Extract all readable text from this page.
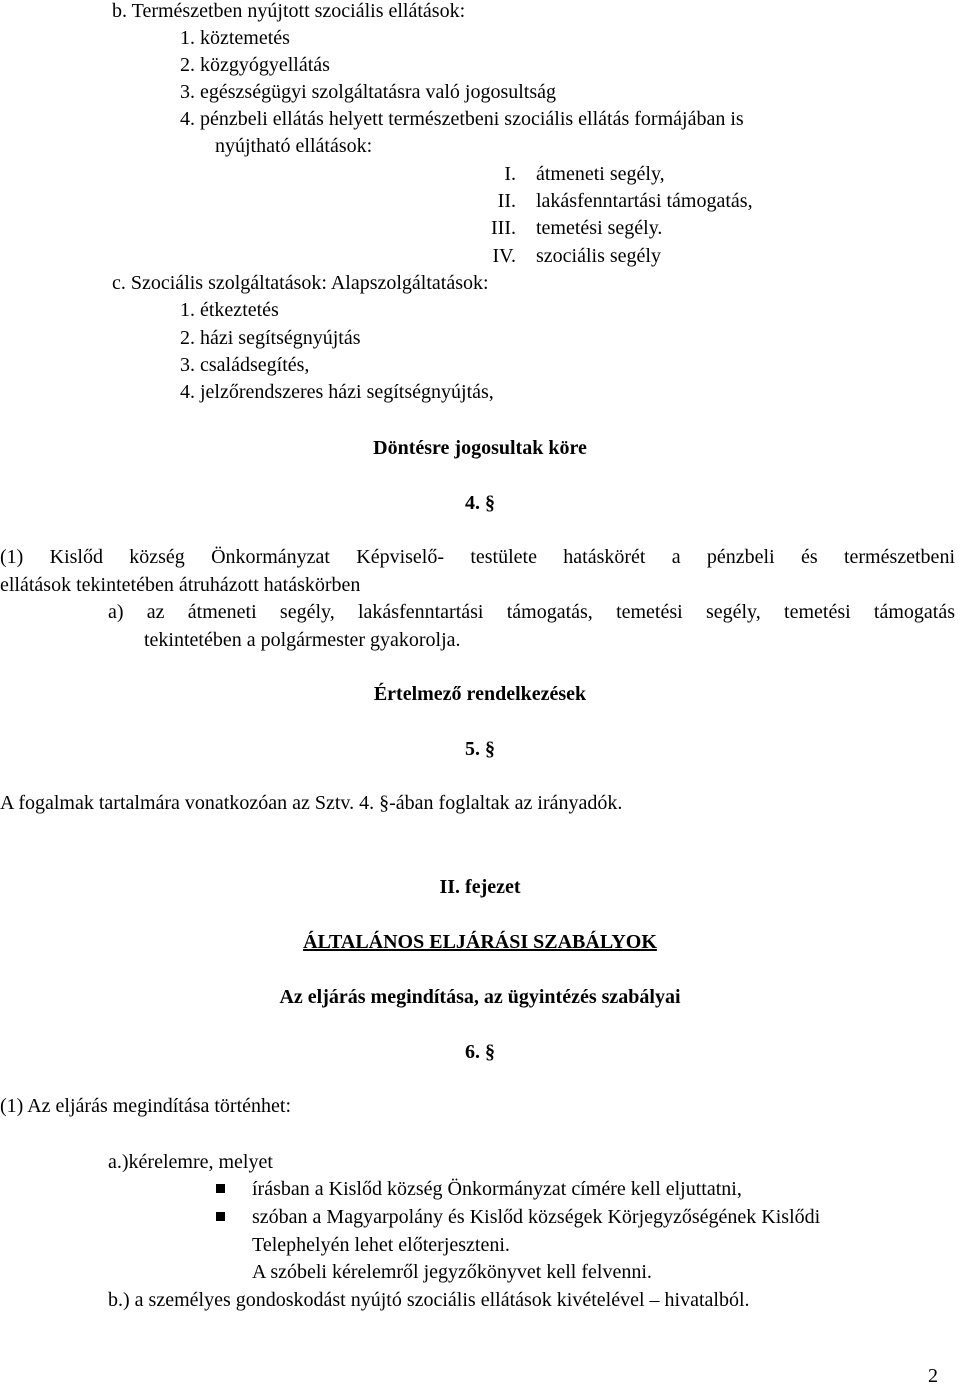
b. Természetben nyújtott szociális ellátások:
1. köztemetés
2. közgyógyellátás
3. egészségügyi szolgáltatásra való jogosultság
4. pénzbeli ellátás helyett természetbeni szociális ellátás formájában is
nyújtható ellátások:
I. átmeneti segély,
II. lakásfenntartási támogatás,
III. temetési segély.
IV. szociális segély
c. Szociális szolgáltatások: Alapszolgáltatások:
1. étkeztetés
2. házi segítségnyújtás
3. családsegítés,
4. jelzőrendszeres házi segítségnyújtás,
Döntésre jogosultak köre
4. §
(1) Kislőd község Önkormányzat Képviselő- testülete hatáskörét a pénzbeli és természetbeni
ellátások tekintetében átruházott hatáskörben
a) az átmeneti segély, lakásfenntartási támogatás, temetési segély, temetési támogatás
tekintetében a polgármester gyakorolja.
Értelmező rendelkezések
5. §
A fogalmak tartalmára vonatkozóan az Sztv. 4. §-ában foglaltak az irányadók.
II. fejezet
ÁLTALÁNOS ELJÁRÁSI SZABÁLYOK
Az eljárás megindítása, az ügyintézés szabályai
6. §
(1) Az eljárás megindítása történhet:
a.)kérelemre, melyet
írásban a Kislőd község Önkormányzat címére kell eljuttatni,
szóban a Magyarpolány és Kislőd községek Körjegyzőségének Kislődi
Telephelyén lehet előterjeszteni.
A szóbeli kérelemről jegyzőkönyvet kell felvenni.
b.) a személyes gondoskodást nyújtó szociális ellátások kivételével – hivatalból.
2
